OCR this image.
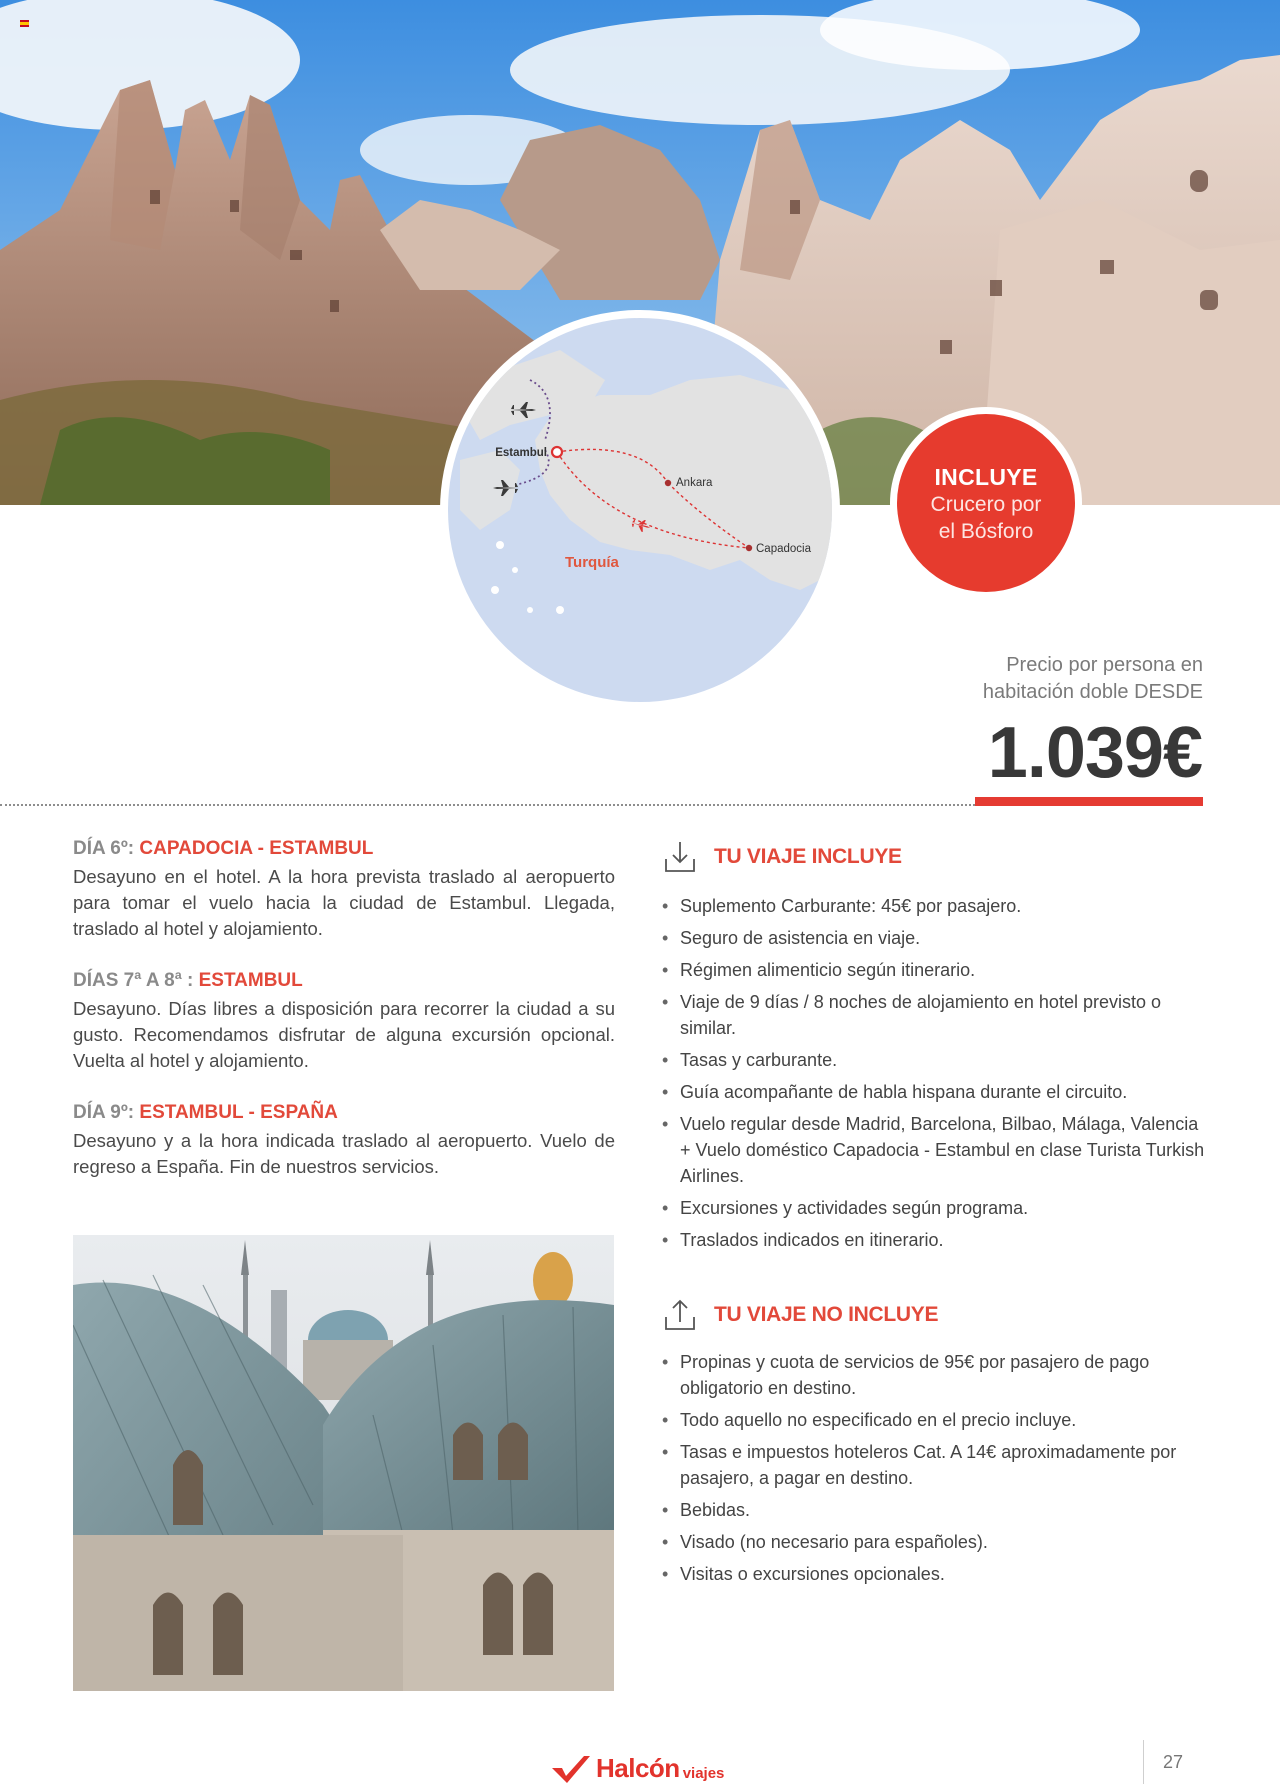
Estambul
Ankara
Capadocia
Turquía
INCLUYE
Crucero por
el Bósforo
Precio por persona en
habitación doble DESDE
1.039€
DÍA 6º: CAPADOCIA - ESTAMBUL

Desayuno en el hotel. A la hora prevista traslado al aeropuerto para tomar el vuelo hacia la ciudad de Estambul. Llegada, traslado al hotel y alojamiento.

DÍAS 7ª A 8ª : ESTAMBUL

Desayuno. Días libres a disposición para recorrer la ciudad a su gusto. Recomendamos disfrutar de alguna excursión opcional. Vuelta al hotel y alojamiento.

DÍA 9º: ESTAMBUL - ESPAÑA

Desayuno y a la hora indicada traslado al aeropuerto. Vuelo de regreso a España. Fin de nuestros servicios.

TU VIAJE INCLUYE
• Suplemento Carburante: 45€ por pasajero.
• Seguro de asistencia en viaje.
• Régimen alimenticio según itinerario.
• Viaje de 9 días / 8 noches de alojamiento en hotel previsto o similar.
• Tasas y carburante.
• Guía acompañante de habla hispana durante el circuito.
• Vuelo regular desde Madrid, Barcelona, Bilbao, Málaga, Valencia + Vuelo doméstico Capadocia - Estambul en clase Turista Turkish Airlines.
• Excursiones y actividades según programa.
• Traslados indicados en itinerario.
TU VIAJE NO INCLUYE
• Propinas y cuota de servicios de 95€ por pasajero de pago obligatorio en destino.
• Todo aquello no especificado en el precio incluye.
• Tasas e impuestos hoteleros Cat. A 14€ aproximadamente por pasajero, a pagar en destino.
• Bebidas.
• Visado (no necesario para españoles).
• Visitas o excursiones opcionales.
Halcón viajes
27
